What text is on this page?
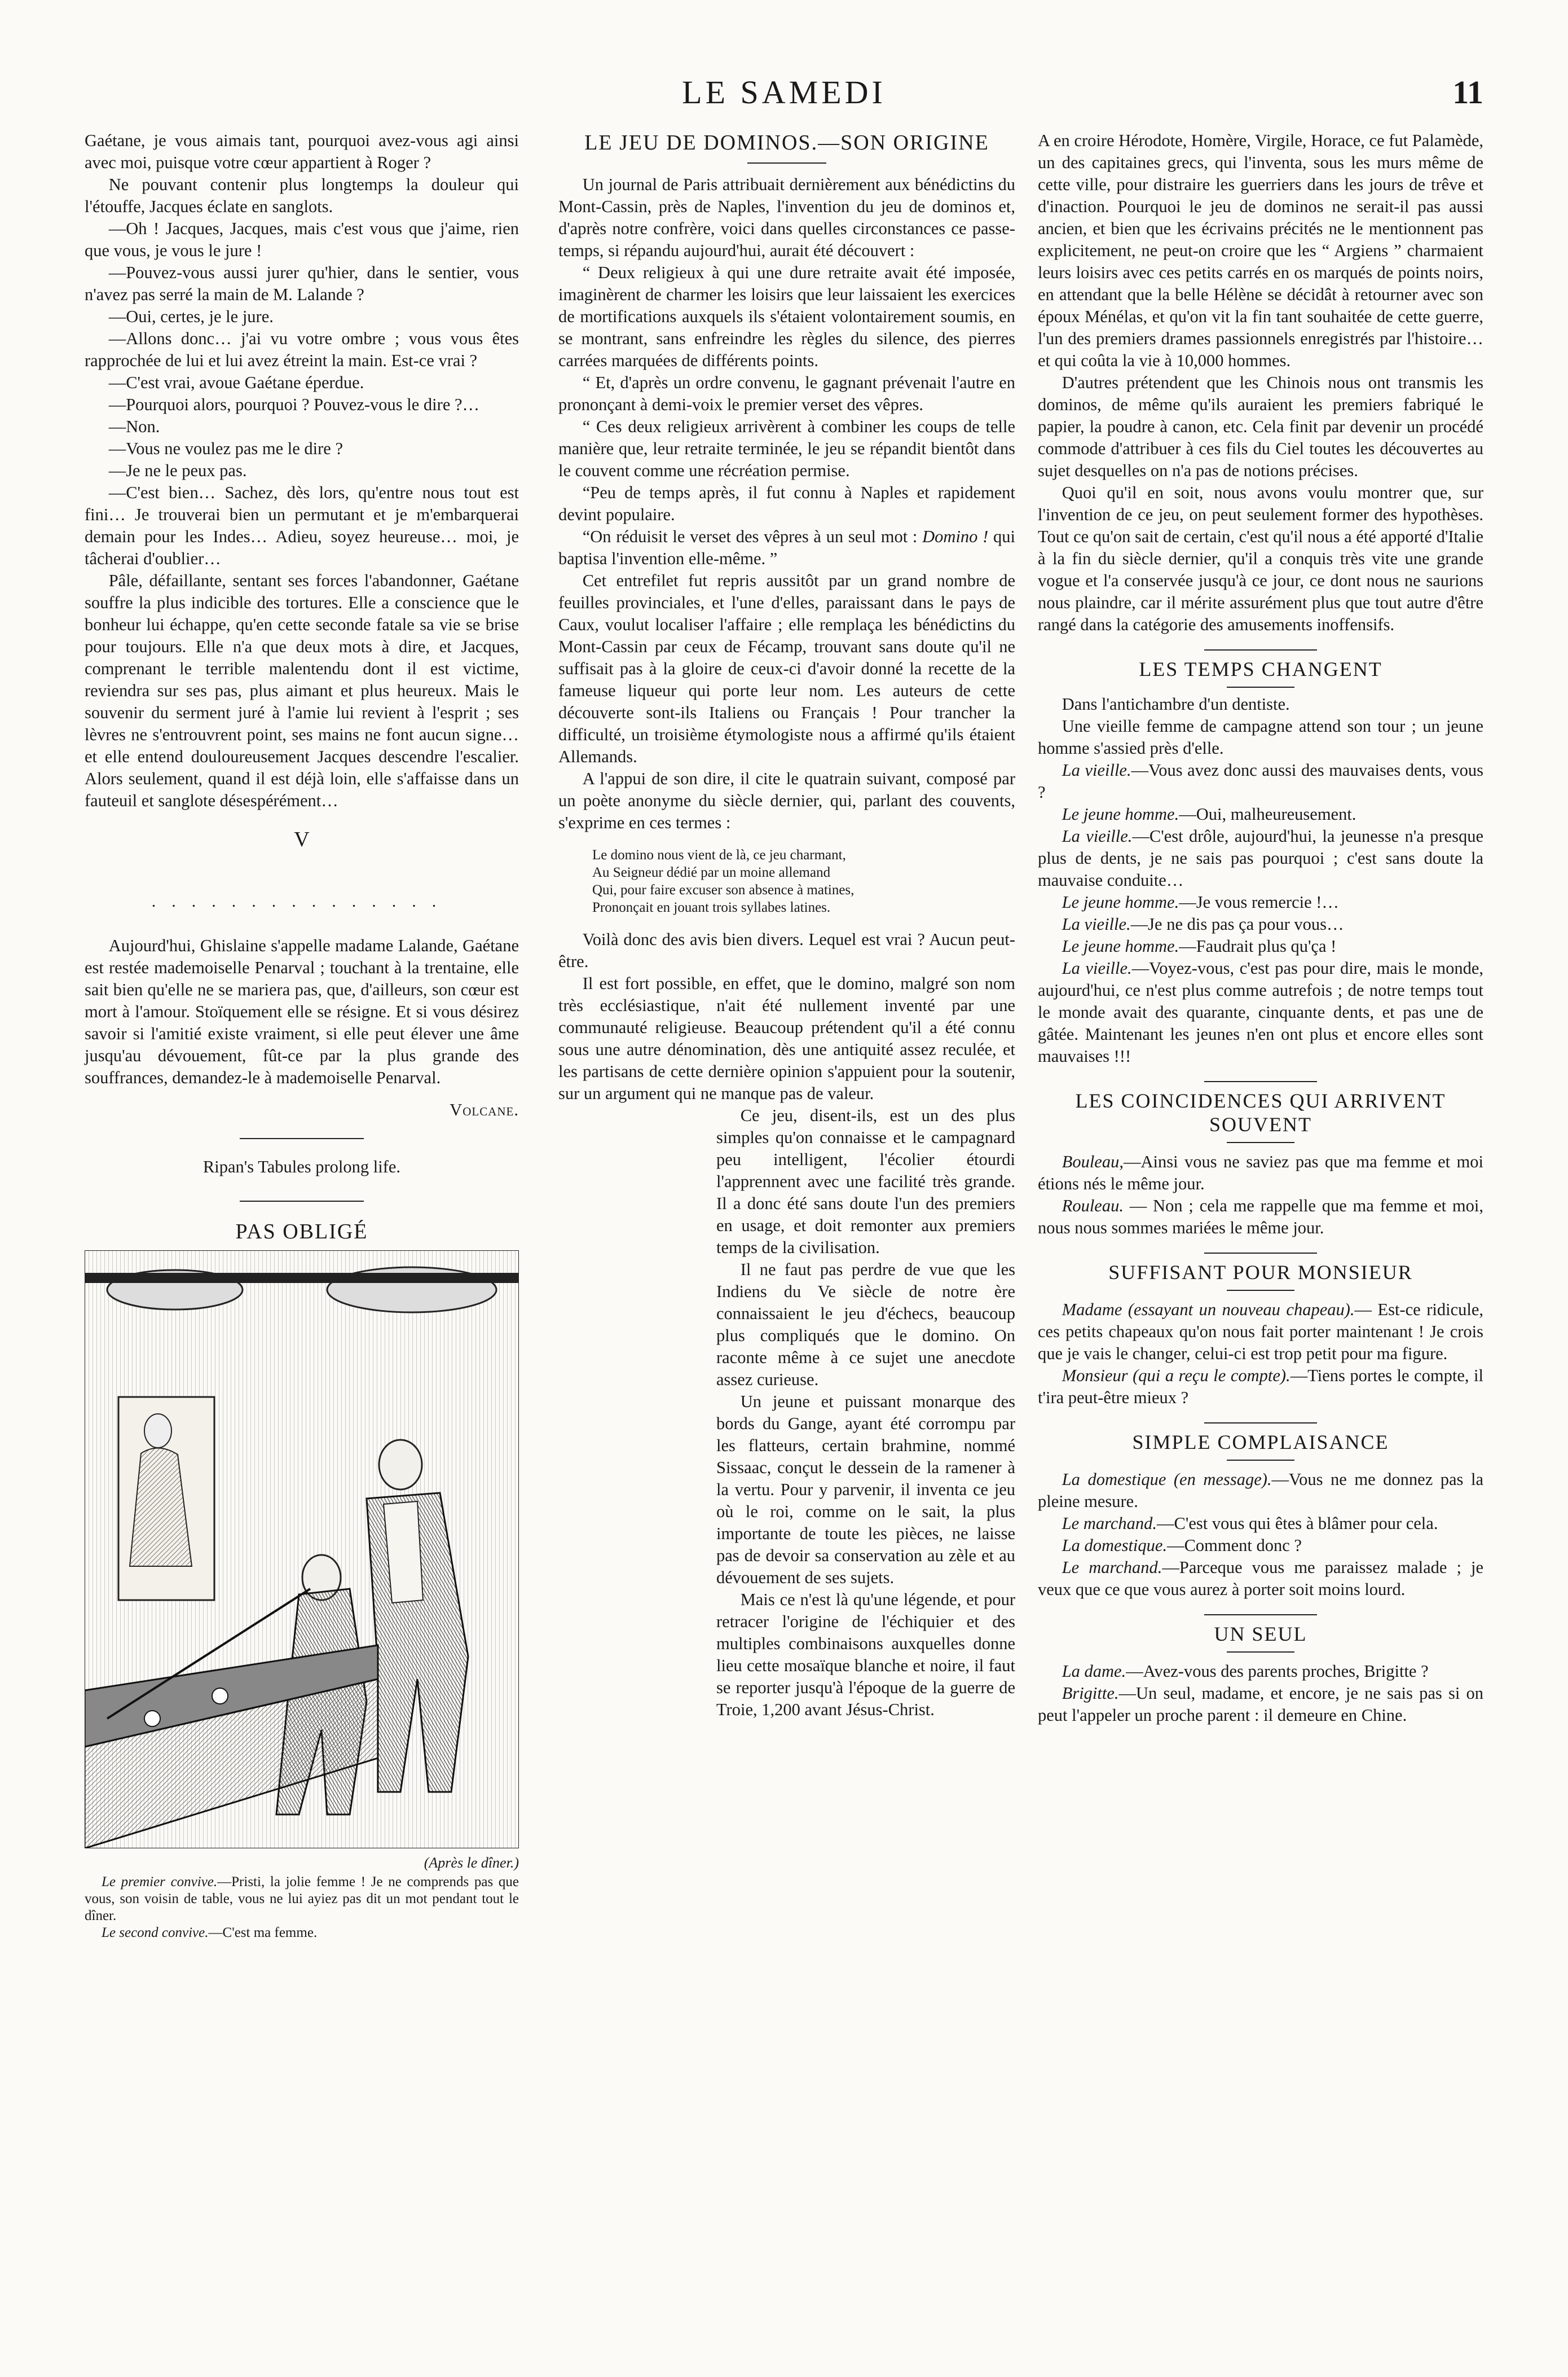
LE SAMEDI	11

Gaétane, je vous aimais tant, pourquoi avez-vous agi ainsi avec moi, puisque votre cœur appartient à Roger ?

Ne pouvant contenir plus longtemps la douleur qui l'étouffe, Jacques éclate en sanglots.

—Oh ! Jacques, Jacques, mais c'est vous que j'aime, rien que vous, je vous le jure !

—Pouvez-vous aussi jurer qu'hier, dans le sentier, vous n'avez pas serré la main de M. Lalande ?

—Oui, certes, je le jure.

—Allons donc… j'ai vu votre ombre ; vous vous êtes rapprochée de lui et lui avez étreint la main. Est-ce vrai ?

—C'est vrai, avoue Gaétane éperdue.

—Pourquoi alors, pourquoi ? Pouvez-vous le dire ?…

—Non.

—Vous ne voulez pas me le dire ?

—Je ne le peux pas.

—C'est bien… Sachez, dès lors, qu'entre nous tout est fini… Je trouverai bien un permutant et je m'embarquerai demain pour les Indes… Adieu, soyez heureuse… moi, je tâcherai d'oublier…

Pâle, défaillante, sentant ses forces l'abandonner, Gaétane souffre la plus indicible des tortures. Elle a conscience que le bonheur lui échappe, qu'en cette seconde fatale sa vie se brise pour toujours. Elle n'a que deux mots à dire, et Jacques, comprenant le terrible malentendu dont il est victime, reviendra sur ses pas, plus aimant et plus heureux. Mais le souvenir du serment juré à l'amie lui revient à l'esprit ; ses lèvres ne s'entrouvrent point, ses mains ne font aucun signe… et elle entend douloureusement Jacques descendre l'escalier. Alors seulement, quand il est déjà loin, elle s'affaisse dans un fauteuil et sanglote désespérément…

V
...............

Aujourd'hui, Ghislaine s'appelle madame Lalande, Gaétane est restée mademoiselle Penarval ; touchant à la trentaine, elle sait bien qu'elle ne se mariera pas, que, d'ailleurs, son cœur est mort à l'amour. Stoïquement elle se résigne. Et si vous désirez savoir si l'amitié existe vraiment, si elle peut élever une âme jusqu'au dévouement, fût-ce par la plus grande des souffrances, demandez-le à mademoiselle Penarval.

Volcane.
Ripan's Tabules prolong life.
PAS OBLIGÉ
(Après le dîner.)

Le premier convive.—Pristi, la jolie femme ! Je ne comprends pas que vous, son voisin de table, vous ne lui ayiez pas dit un mot pendant tout le dîner.

Le second convive.—C'est ma femme.

LE JEU DE DOMINOS.—SON ORIGINE

Un journal de Paris attribuait dernièrement aux bénédictins du Mont-Cassin, près de Naples, l'invention du jeu de dominos et, d'après notre confrère, voici dans quelles circonstances ce passe-temps, si répandu aujourd'hui, aurait été découvert :

“ Deux religieux à qui une dure retraite avait été imposée, imaginèrent de charmer les loisirs que leur laissaient les exercices de mortifications auxquels ils s'étaient volontairement soumis, en se montrant, sans enfreindre les règles du silence, des pierres carrées marquées de différents points.

“ Et, d'après un ordre convenu, le gagnant prévenait l'autre en prononçant à demi-voix le premier verset des vêpres.

“ Ces deux religieux arrivèrent à combiner les coups de telle manière que, leur retraite terminée, le jeu se répandit bientôt dans le couvent comme une récréation permise.

“Peu de temps après, il fut connu à Naples et rapidement devint populaire.

“On réduisit le verset des vêpres à un seul mot : Domino ! qui baptisa l'invention elle-même. ”

Cet entrefilet fut repris aussitôt par un grand nombre de feuilles provinciales, et l'une d'elles, paraissant dans le pays de Caux, voulut localiser l'affaire ; elle remplaça les bénédictins du Mont-Cassin par ceux de Fécamp, trouvant sans doute qu'il ne suffisait pas à la gloire de ceux-ci d'avoir donné la recette de la fameuse liqueur qui porte leur nom. Les auteurs de cette découverte sont-ils Italiens ou Français ! Pour trancher la difficulté, un troisième étymologiste nous a affirmé qu'ils étaient Allemands.

A l'appui de son dire, il cite le quatrain suivant, composé par un poète anonyme du siècle dernier, qui, parlant des couvents, s'exprime en ces termes :

Le domino nous vient de là, ce jeu charmant,
Au Seigneur dédié par un moine allemand
Qui, pour faire excuser son absence à matines,
Prononçait en jouant trois syllabes latines.

Voilà donc des avis bien divers. Lequel est vrai ? Aucun peut-être.

Il est fort possible, en effet, que le domino, malgré son nom très ecclésiastique, n'ait été nullement inventé par une communauté religieuse. Beaucoup prétendent qu'il a été connu sous une autre dénomination, dès une antiquité assez reculée, et les partisans de cette dernière opinion s'appuient pour la soutenir, sur un argument qui ne manque pas de valeur.

Ce jeu, disent-ils, est un des plus simples qu'on connaisse et le campagnard peu intelligent, l'écolier étourdi l'apprennent avec une facilité très grande. Il a donc été sans doute l'un des premiers en usage, et doit remonter aux premiers temps de la civilisation.

Il ne faut pas perdre de vue que les Indiens du Ve siècle de notre ère connaissaient le jeu d'échecs, beaucoup plus compliqués que le domino. On raconte même à ce sujet une anecdote assez curieuse.

Un jeune et puissant monarque des bords du Gange, ayant été corrompu par les flatteurs, certain brahmine, nommé Sissaac, conçut le dessein de la ramener à la vertu. Pour y parvenir, il inventa ce jeu où le roi, comme on le sait, la plus importante de toute les pièces, ne laisse pas de devoir sa conservation au zèle et au dévouement de ses sujets.

Mais ce n'est là qu'une légende, et pour retracer l'origine de l'échiquier et des multiples combinaisons auxquelles donne lieu cette mosaïque blanche et noire, il faut se reporter jusqu'à l'époque de la guerre de Troie, 1,200 avant Jésus-Christ.

A en croire Hérodote, Homère, Virgile, Horace, ce fut Palamède, un des capitaines grecs, qui l'inventa, sous les murs même de cette ville, pour distraire les guerriers dans les jours de trêve et d'inaction. Pourquoi le jeu de dominos ne serait-il pas aussi ancien, et bien que les écrivains précités ne le mentionnent pas explicitement, ne peut-on croire que les “ Argiens ” charmaient leurs loisirs avec ces petits carrés en os marqués de points noirs, en attendant que la belle Hélène se décidât à retourner avec son époux Ménélas, et qu'on vit la fin tant souhaitée de cette guerre, l'un des premiers drames passionnels enregistrés par l'histoire… et qui coûta la vie à 10,000 hommes.

D'autres prétendent que les Chinois nous ont transmis les dominos, de même qu'ils auraient les premiers fabriqué le papier, la poudre à canon, etc. Cela finit par devenir un procédé commode d'attribuer à ces fils du Ciel toutes les découvertes au sujet desquelles on n'a pas de notions précises.

Quoi qu'il en soit, nous avons voulu montrer que, sur l'invention de ce jeu, on peut seulement former des hypothèses. Tout ce qu'on sait de certain, c'est qu'il nous a été apporté d'Italie à la fin du siècle dernier, qu'il a conquis très vite une grande vogue et l'a conservée jusqu'à ce jour, ce dont nous ne saurions nous plaindre, car il mérite assurément plus que tout autre d'être rangé dans la catégorie des amusements inoffensifs.

LES TEMPS CHANGENT

Dans l'antichambre d'un dentiste.

Une vieille femme de campagne attend son tour ; un jeune homme s'assied près d'elle.

La vieille.—Vous avez donc aussi des mauvaises dents, vous ?

Le jeune homme.—Oui, malheureusement.

La vieille.—C'est drôle, aujourd'hui, la jeunesse n'a presque plus de dents, je ne sais pas pourquoi ; c'est sans doute la mauvaise conduite…

Le jeune homme.—Je vous remercie !…

La vieille.—Je ne dis pas ça pour vous…

Le jeune homme.—Faudrait plus qu'ça !

La vieille.—Voyez-vous, c'est pas pour dire, mais le monde, aujourd'hui, ce n'est plus comme autrefois ; de notre temps tout le monde avait des quarante, cinquante dents, et pas une de gâtée. Maintenant les jeunes n'en ont plus et encore elles sont mauvaises !!!

LES COINCIDENCES QUI ARRIVENT
SOUVENT

Bouleau,—Ainsi vous ne saviez pas que ma femme et moi étions nés le même jour.

Rouleau. — Non ; cela me rappelle que ma femme et moi, nous nous sommes mariées le même jour.

SUFFISANT POUR MONSIEUR

Madame (essayant un nouveau chapeau).— Est-ce ridicule, ces petits chapeaux qu'on nous fait porter maintenant ! Je crois que je vais le changer, celui-ci est trop petit pour ma figure.

Monsieur (qui a reçu le compte).—Tiens portes le compte, il t'ira peut-être mieux ?

SIMPLE COMPLAISANCE

La domestique (en message).—Vous ne me donnez pas la pleine mesure.

Le marchand.—C'est vous qui êtes à blâmer pour cela.

La domestique.—Comment donc ?

Le marchand.—Parceque vous me paraissez malade ; je veux que ce que vous aurez à porter soit moins lourd.

UN SEUL

La dame.—Avez-vous des parents proches, Brigitte ?

Brigitte.—Un seul, madame, et encore, je ne sais pas si on peut l'appeler un proche parent : il demeure en Chine.
